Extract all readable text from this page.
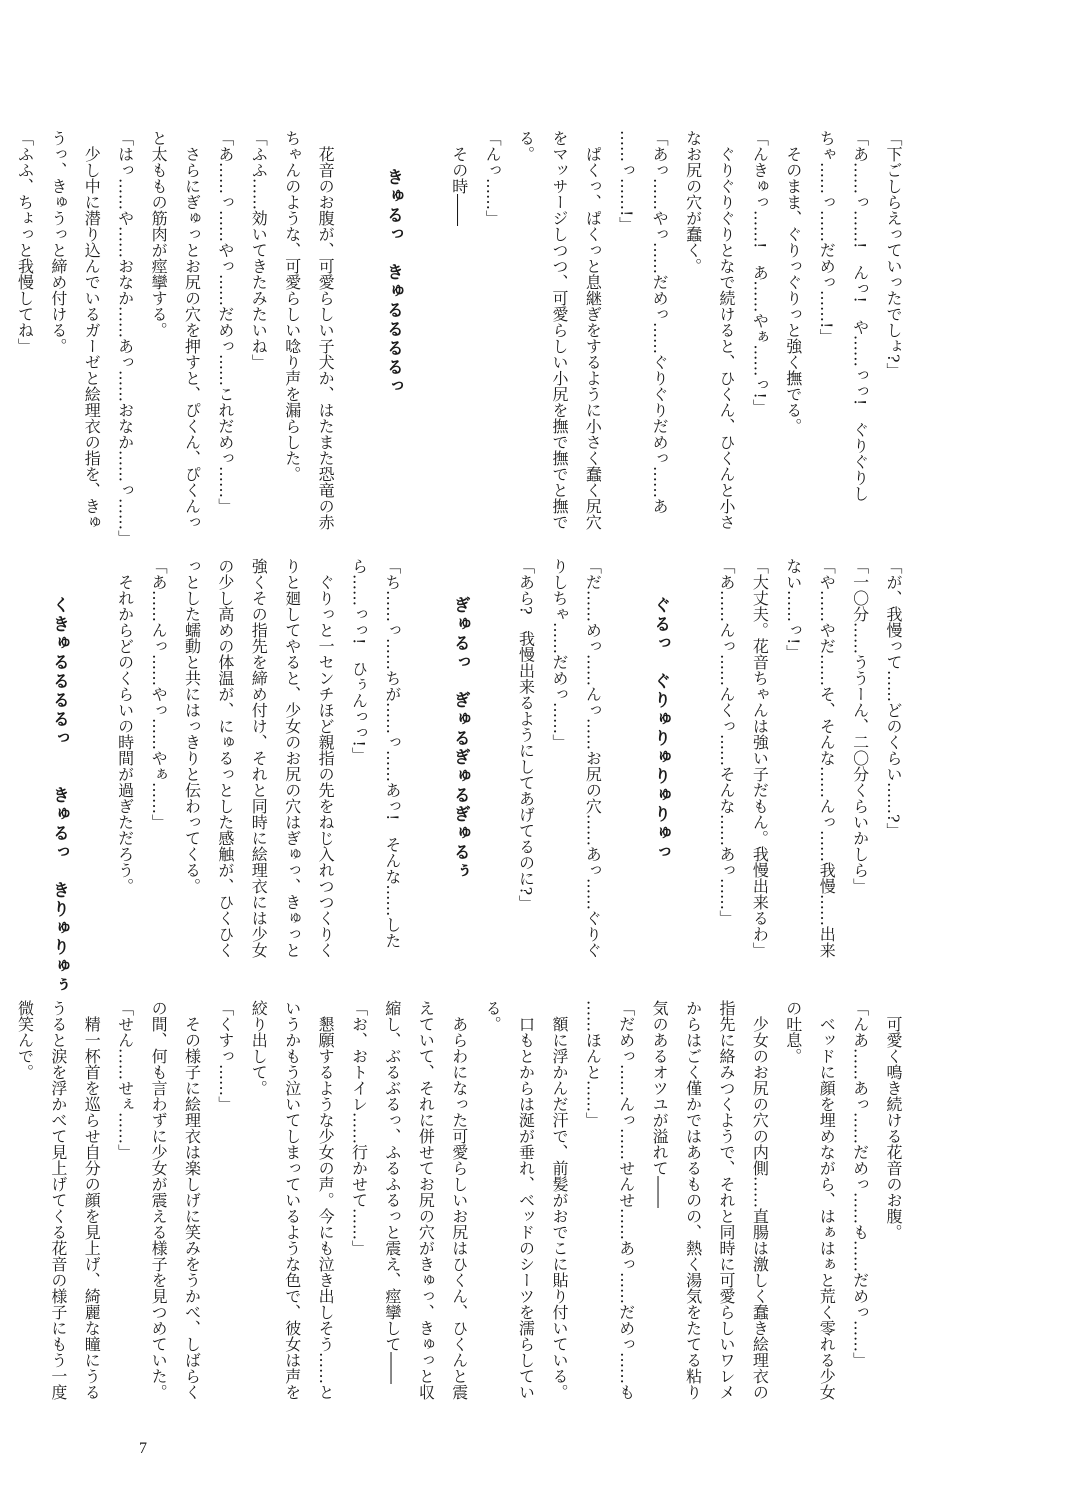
「下ごしらえっていったでしょ?」
「あ……っ……!　んっ!　や……っっ!　ぐりぐりし
ちゃ……っ……だめっ……!」
　そのまま、ぐりっぐりっと強く撫でる。
「んきゅっ……!　あ……やぁ……っ!」
　ぐりぐりぐりとなで続けると、ひくん、ひくんと小さ
なお尻の穴が蠢く。
「あっ……やっ……だめっ……ぐりぐりだめっ……あ
……っ……!」
　ぱくっ、ぱくっと息継ぎをするように小さく蠢く尻穴
をマッサージしつつ、可愛らしい小尻を撫で撫でと撫で
る。
「んっ……」
　その時――

　　きゅるっ　きゅるるるるっ

　花音のお腹が、可愛らしい子犬か、はたまた恐竜の赤
ちゃんのような、可愛らしい唸り声を漏らした。
「ふふ……効いてきたみたいね」
「あ……っ……やっ……だめっ……これだめっ……」
　さらにぎゅっとお尻の穴を押すと、ぴくん、ぴくんっ
と太ももの筋肉が痙攣する。
「はっ……や……おなか……あっ……おなか……っ……」
　少し中に潜り込んでいるガーゼと絵理衣の指を、きゅ
うっ、きゅうっと締め付ける。
「ふふ、ちょっと我慢してね」
「が、我慢って……どのくらい……?」
「一〇分……ううーん、二〇分くらいかしら」
「や……やだ……そ、そんな……んっ……我慢……出来
ない……っ!」
「大丈夫。花音ちゃんは強い子だもん。我慢出来るわ」
「あ……んっ……んくっ……そんな……あっ……」

　　ぐるっ　ぐりゅりゅりゅりゅっ

「だ……めっ……んっ……お尻の穴……あっ……ぐりぐ
りしちゃ……だめっ……」
「あら?　我慢出来るようにしてあげてるのに?」

　　ぎゅるっ　ぎゅるぎゅるぎゅるぅ

「ち……っ……ちが……っ……あっ!　そんな……した
ら……っっ!　ひぅんっっ!」
　ぐりっと一センチほど親指の先をねじ入れつつくりく
りと廻してやると、少女のお尻の穴はぎゅっ、きゅっと
強くその指先を締め付け、それと同時に絵理衣には少女
の少し高めの体温が、にゅるっとした感触が、ひくひく
っとした蠕動と共にはっきりと伝わってくる。
「あ……んっ……やっ……やぁ……」
　それからどのくらいの時間が過ぎただろう。

　　くきゅるるるるっ　　きゅるっ　きりゅりゅぅ
　可愛く鳴き続ける花音のお腹。
「んあ……あっ……だめっ……も……だめっ……」
　ベッドに顔を埋めながら、はぁはぁと荒く零れる少女
の吐息。
　少女のお尻の穴の内側……直腸は激しく蠢き絵理衣の
指先に絡みつくようで、それと同時に可愛らしいワレメ
からはごく僅かではあるものの、熱く湯気をたてる粘り
気のあるオツユが溢れて――
「だめっ……んっ……せんせ……あっ……だめっ……も
……ほんと……」
　額に浮かんだ汗で、前髪がおでこに貼り付いている。
　口もとからは涎が垂れ、ベッドのシーツを濡らしてい
る。
　あらわになった可愛らしいお尻はひくん、ひくんと震
えていて、それに併せてお尻の穴がきゅっ、きゅっと収
縮し、ぶるぶるっ、ふるふるっと震え、痙攣して――
「お、おトイレ……行かせて……」
　懇願するような少女の声。今にも泣き出しそう……と
いうかもう泣いてしまっているような色で、彼女は声を
絞り出して。
「くすっ……」
　その様子に絵理衣は楽しげに笑みをうかべ、しばらく
の間、何も言わずに少女が震える様子を見つめていた。
「せん……せぇ……」
　精一杯首を巡らせ自分の顔を見上げ、綺麗な瞳にうる
うると涙を浮かべて見上げてくる花音の様子にもう一度
微笑んで。
7
